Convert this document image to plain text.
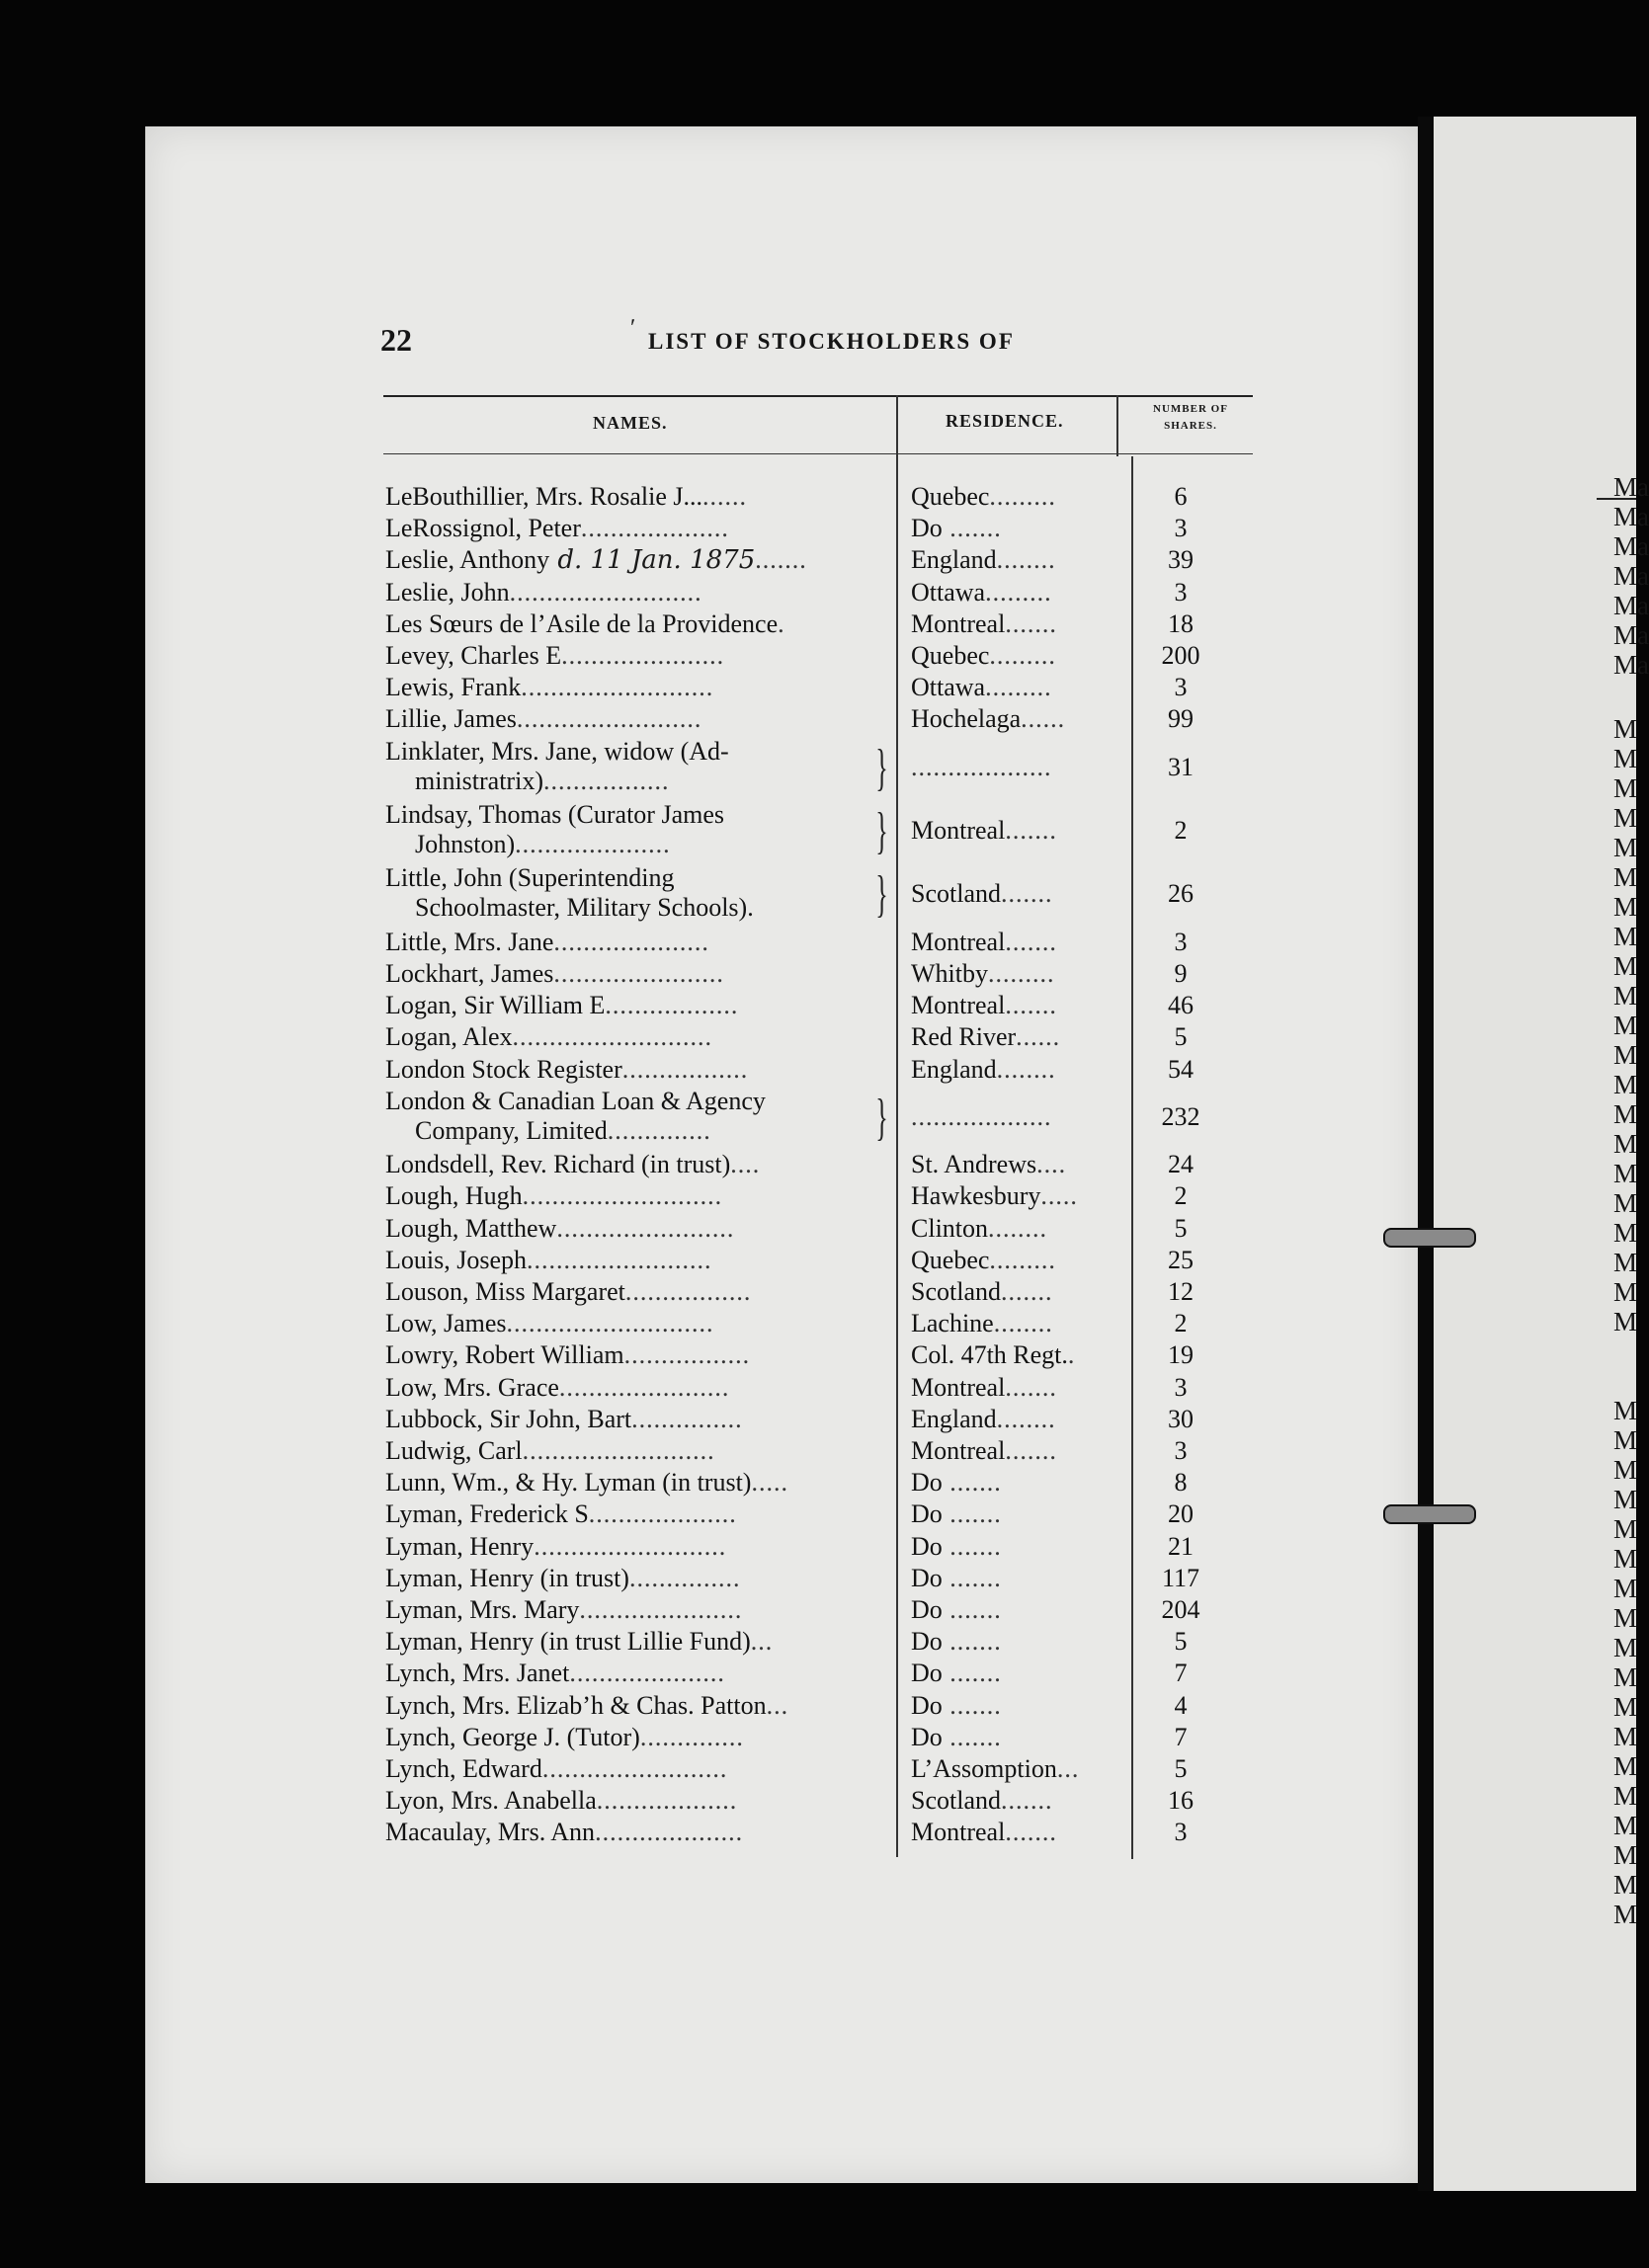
Ma
Ma
Ma
Ma
Ma
Ma
Ma
M
M
M
M
M
M
M
M
M
M
M
M
M
M
M
M
M
M
M
M
M
M
M
M
M
M
M
M
M
M
M
M
M
M
M
M
M
M
M
22	ʹ
LIST OF STOCKHOLDERS OF
NAMES.	RESIDENCE.
NUMBER OF SHARES.
LeBouthillier, Mrs. Rosalie J.........	Quebec.........	6
LeRossignol, Peter....................	Do .......	3
Leslie, Anthony d. 11 Jan. 1875.......	England........	39
Leslie, John..........................	Ottawa.........	3
Les Sœurs de l’Asile de la Providence.	Montreal.......	18
Levey, Charles E......................	Quebec.........	200
Lewis, Frank..........................	Ottawa.........	3
Lillie, James.........................	Hochelaga......	99
}
Linklater, Mrs. Jane, widow (Ad-
ministratrix).................	...................	31
}
Lindsay, Thomas (Curator James
Johnston).....................	Montreal.......	2
}
Little, John (Superintending
Schoolmaster, Military Schools).	Scotland.......	26
Little, Mrs. Jane.....................	Montreal.......	3
Lockhart, James.......................	Whitby.........	9
Logan, Sir William E..................	Montreal.......	46
Logan, Alex...........................	Red River......	5
London Stock Register.................	England........	54
}
London & Canadian Loan & Agency
Company, Limited..............	...................	232
Londsdell, Rev. Richard (in trust)....	St. Andrews....	24
Lough, Hugh...........................	Hawkesbury.....	2
Lough, Matthew........................	Clinton........	5
Louis, Joseph.........................	Quebec.........	25
Louson, Miss Margaret.................	Scotland.......	12
Low, James............................	Lachine........	2
Lowry, Robert William.................	Col. 47th Regt..	19
Low, Mrs. Grace.......................	Montreal.......	3
Lubbock, Sir John, Bart...............	England........	30
Ludwig, Carl..........................	Montreal.......	3
Lunn, Wm., & Hy. Lyman (in trust).....	Do .......	8
Lyman, Frederick S....................	Do .......	20
Lyman, Henry..........................	Do .......	21
Lyman, Henry (in trust)...............	Do .......	117
Lyman, Mrs. Mary......................	Do .......	204
Lyman, Henry (in trust Lillie Fund)...	Do .......	5
Lynch, Mrs. Janet.....................	Do .......	7
Lynch, Mrs. Elizab’h & Chas. Patton...	Do .......	4
Lynch, George J. (Tutor)..............	Do .......	7
Lynch, Edward.........................	L’Assomption...	5
Lyon, Mrs. Anabella...................	Scotland.......	16
Macaulay, Mrs. Ann....................	Montreal.......	3
